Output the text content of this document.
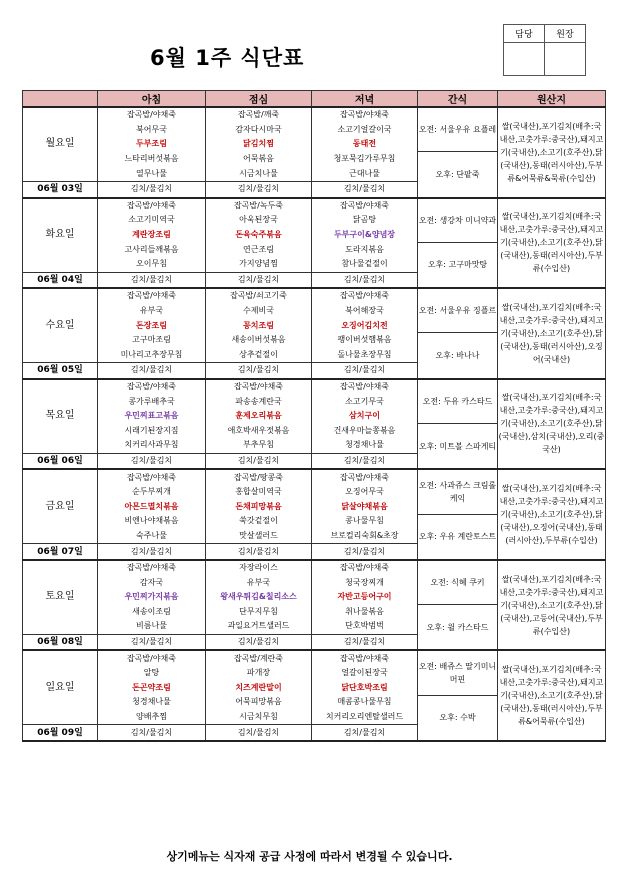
6월 1주 식단표
담당	원장

	아침	점심	저녁	간식	원산지
월요일	잡곡밥/야채죽	잡곡밥/깨죽	잡곡밥/야채죽	오전: 서울우유 요플레	쌀(국내산),포기김치(배추:국내산,고춧가루:중국산),돼지고기(국내산),소고기(호주산),닭(국내산),동태(러시아산),두부류&어묵류&묵류(수입산)
	북어무국	감자다시마국	소고기얼갈이국		
	두부조림	닭김치찜	동태전		
	느타리버섯볶음	어묵볶음	청포묵김가루무침	오후: 단팥죽	
	열무나물	시금치나물	근대나물		
06월 03일	김치/물김치	김치/물김치	김치/물김치		
화요일	잡곡밥/야채죽	잡곡밥/녹두죽	잡곡밥/야채죽	오전: 생강차 미니약과	쌀(국내산),포기김치(배추:국내산,고춧가루:중국산),돼지고기(국내산),소고기(호주산),닭(국내산),동태(러시아산),두부류(수입산)
	소고기미역국	아욱된장국	닭곰탕		
	계란장조림	돈육숙주볶음	두부구이&양념장		
	고사리들깨볶음	연근조림	도라지볶음	오후: 고구마맛탕	
	오이무침	가지양념찜	참나물겉절이		
06월 04일	김치/물김치	김치/물김치	김치/물김치		
수요일	잡곡밥/야채죽	잡곡밥/쇠고기죽	잡곡밥/야채죽	오전: 서울우유 징플르	쌀(국내산),포기김치(배추:국내산,고춧가루:중국산),돼지고기(국내산),소고기(호주산),닭(국내산),동태(러시아산),오징어(국내산)
	유부국	수제비국	북어해장국		
	돈장조림	꽁치조림	오징어김치전		
	고구마조림	새송이버섯볶음	팽이버섯햄볶음	오후: 바나나	
	미나리고추장무침	상추겉절이	돌나물초장무침		
06월 05일	김치/물김치	김치/물김치	김치/물김치		
목요일	잡곡밥/야채죽	잡곡밥/야채죽	잡곡밥/야채죽	오전: 두유 카스타드	쌀(국내산),포기김치(배추:국내산,고춧가루:중국산),돼지고기(국내산),소고기(호주산),닭(국내산),삼치(국내산),오리(중국산)
	콩가루배추국	파송송계란국	소고기무국		
	우민찌표고볶음	훈제오리볶음	삼치구이		
	시래기된장지짐	애호박새우젓볶음	건새우마늘쫑볶음	오후: 미트볼 스파게티	
	치커리사과무침	부추무침	청경채나물		
06월 06일	김치/물김치	김치/물김치	김치/물김치		
금요일	잡곡밥/야채죽	잡곡밥/땅콩죽	잡곡밥/야채죽	오전: 사과쥬스 크림롤케익	쌀(국내산),포기김치(배추:국내산,고춧가루:중국산),돼지고기(국내산),소고기(호주산),닭(국내산),오징어(국내산),동태(러시아산),두부류(수입산)
	순두부찌개	홍합살미역국	오징어무국		
	아몬드멸치볶음	돈채피망볶음	닭살야채볶음		
	비엔나야채볶음	쑥갓겉절이	콩나물무침	오후: 우유 계란토스트	
	숙주나물	맛살샐러드	브로컬리숙회&초장		
06월 07일	김치/물김치	김치/물김치	김치/물김치		
토요일	잡곡밥/야채죽	자장라이스	잡곡밥/야채죽	오전: 식혜 쿠키	쌀(국내산),포기김치(배추:국내산,고춧가루:중국산),돼지고기(국내산),소고기(호주산),닭(국내산),고등어(국내산),두부류(수입산)
	감자국	유부국	청국장찌개		
	우민찌가지볶음	왕새우튀김&칠리소스	자반고등어구이		
	새송이조림	단무지무침	취나물볶음	오후: 윌 카스타드	
	비름나물	과일요거트샐러드	단호박범벅		
06월 08일	김치/물김치	김치/물김치	김치/물김치		
일요일	잡곡밥/야채죽	잡곡밥/계란죽	잡곡밥/야채죽	오전: 배쥬스 딸기미니머핀	쌀(국내산),포기김치(배추:국내산,고춧가루:중국산),돼지고기(국내산),소고기(호주산),닭(국내산),동태(러시아산),두부류&어묵류(수입산)
	알탕	파개장	얼갈이된장국		
	돈곤약조림	치즈계란말이	닭단호박조림		
	청경채나물	어묵피망볶음	매콤콩나물무침	오후: 수박	
	양배추찜	시금치무침	치커리오리엔탈샐러드		
06월 09일	김치/물김치	김치/물김치	김치/물김치		
상기메뉴는 식자재 공급 사정에 따라서 변경될 수 있습니다.
